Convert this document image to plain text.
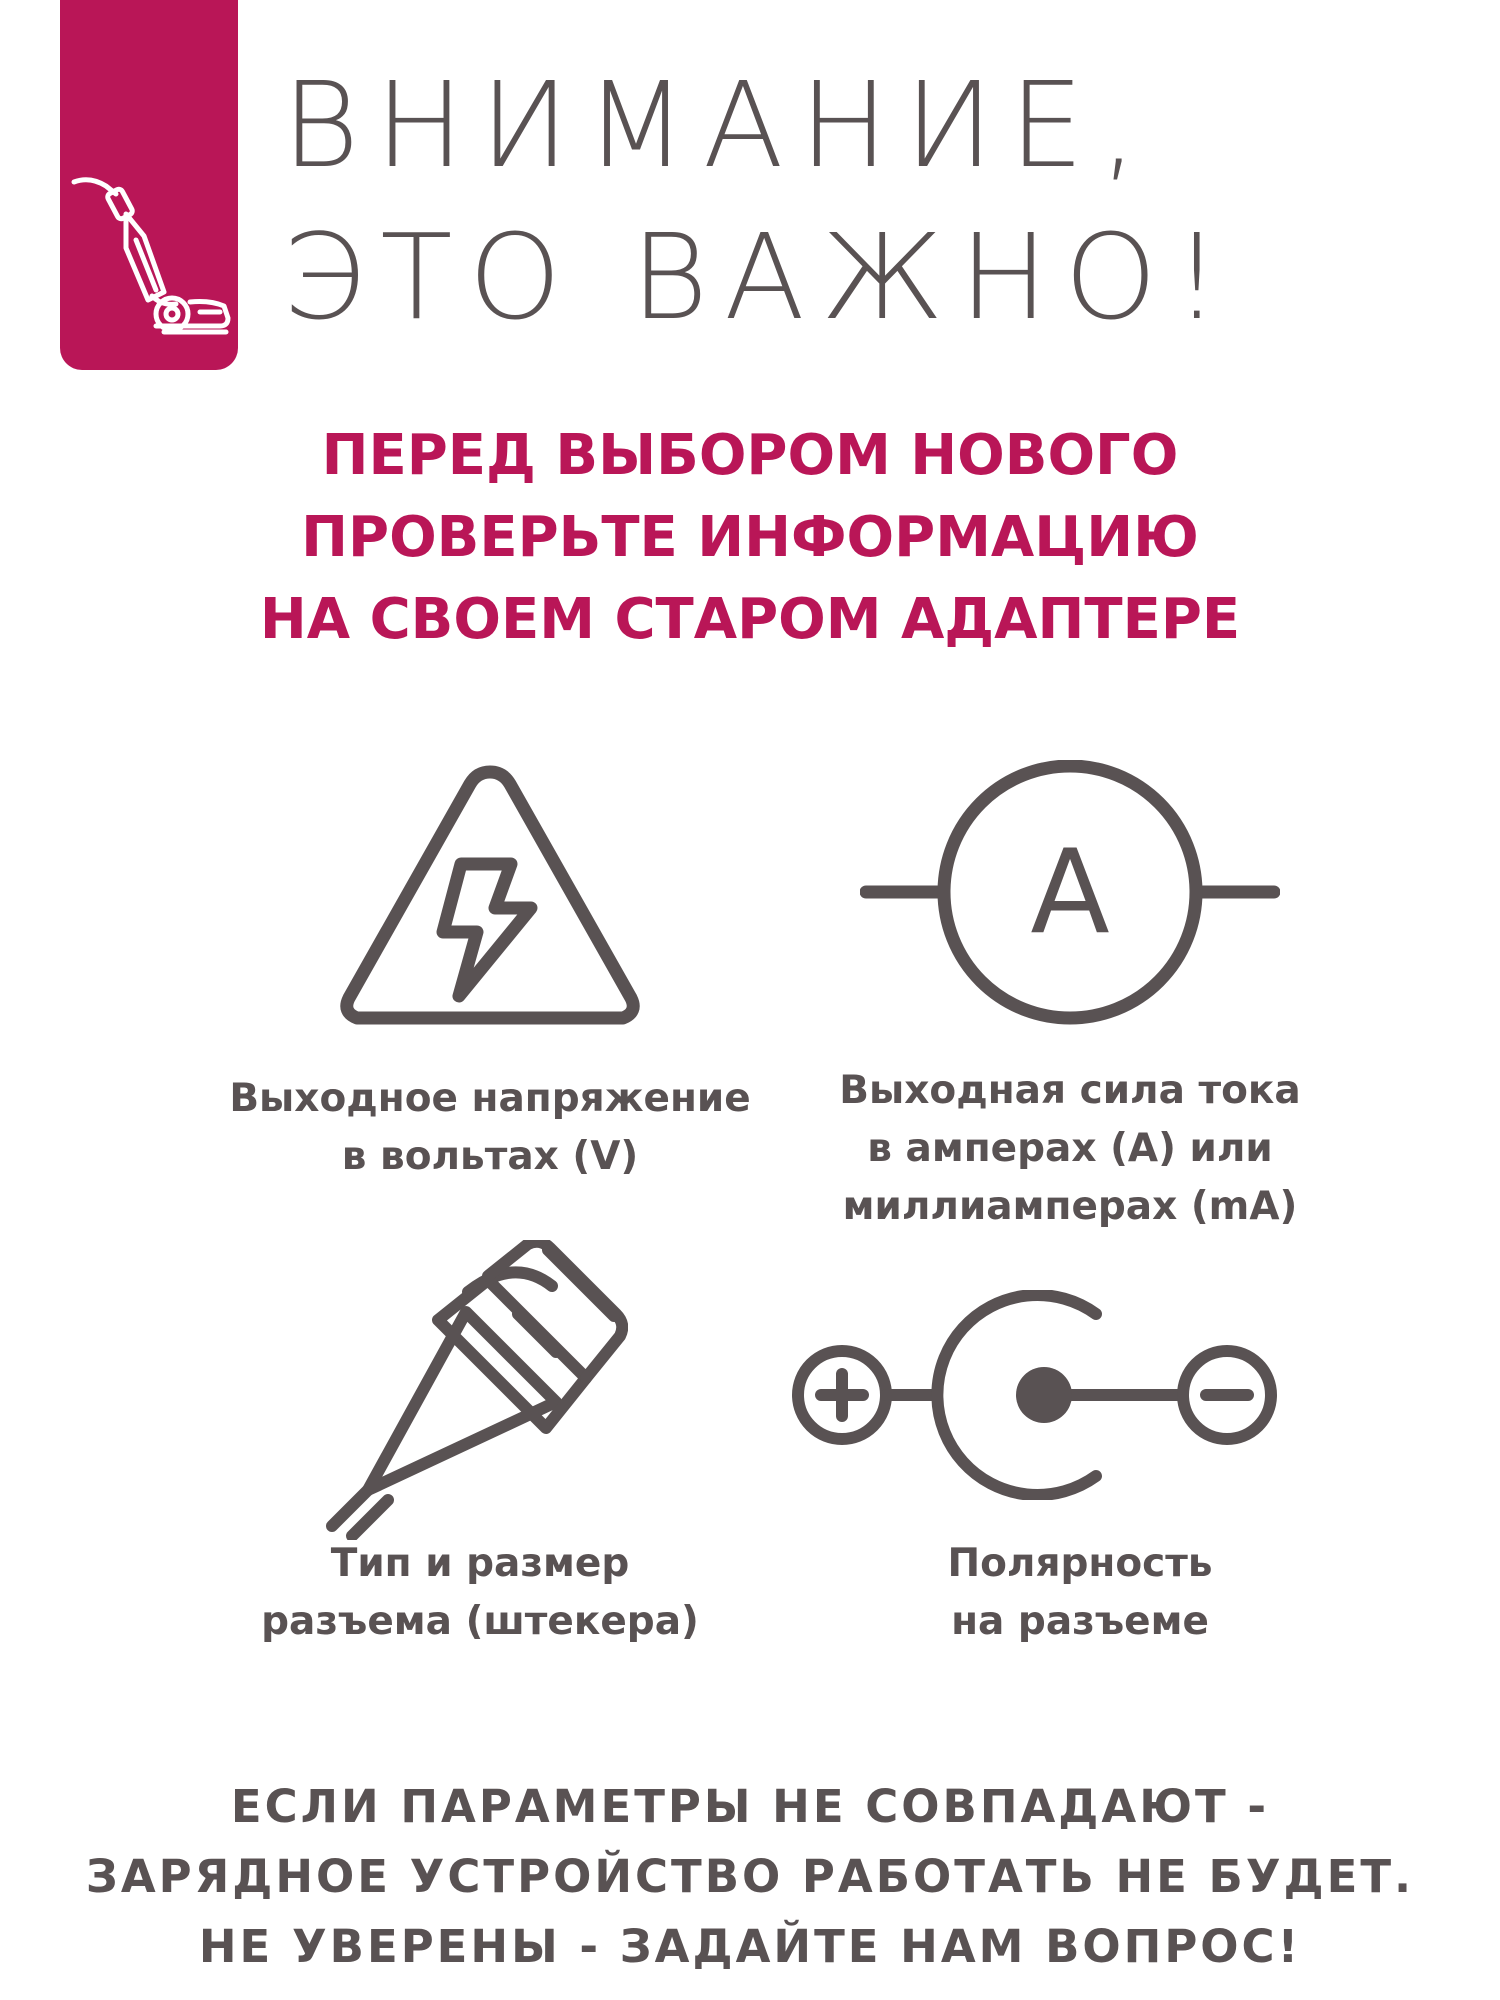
ВНИМАНИЕ,
ЭТО ВАЖНО!
ПЕРЕД ВЫБОРОМ НОВОГО
ПРОВЕРЬТЕ ИНФОРМАЦИЮ
НА СВОЕМ СТАРОМ АДАПТЕРЕ
Выходное напряжение
в вольтах (V)
A
Выходная сила тока
в амперах (A) или
миллиамперах (mA)
Тип и размер
разъема (штекера)
Полярность
на разъеме
ЕСЛИ ПАРАМЕТРЫ НЕ СОВПАДАЮТ -
ЗАРЯДНОЕ УСТРОЙСТВО РАБОТАТЬ НЕ БУДЕТ.
НЕ УВЕРЕНЫ - ЗАДАЙТЕ НАМ ВОПРОС!
